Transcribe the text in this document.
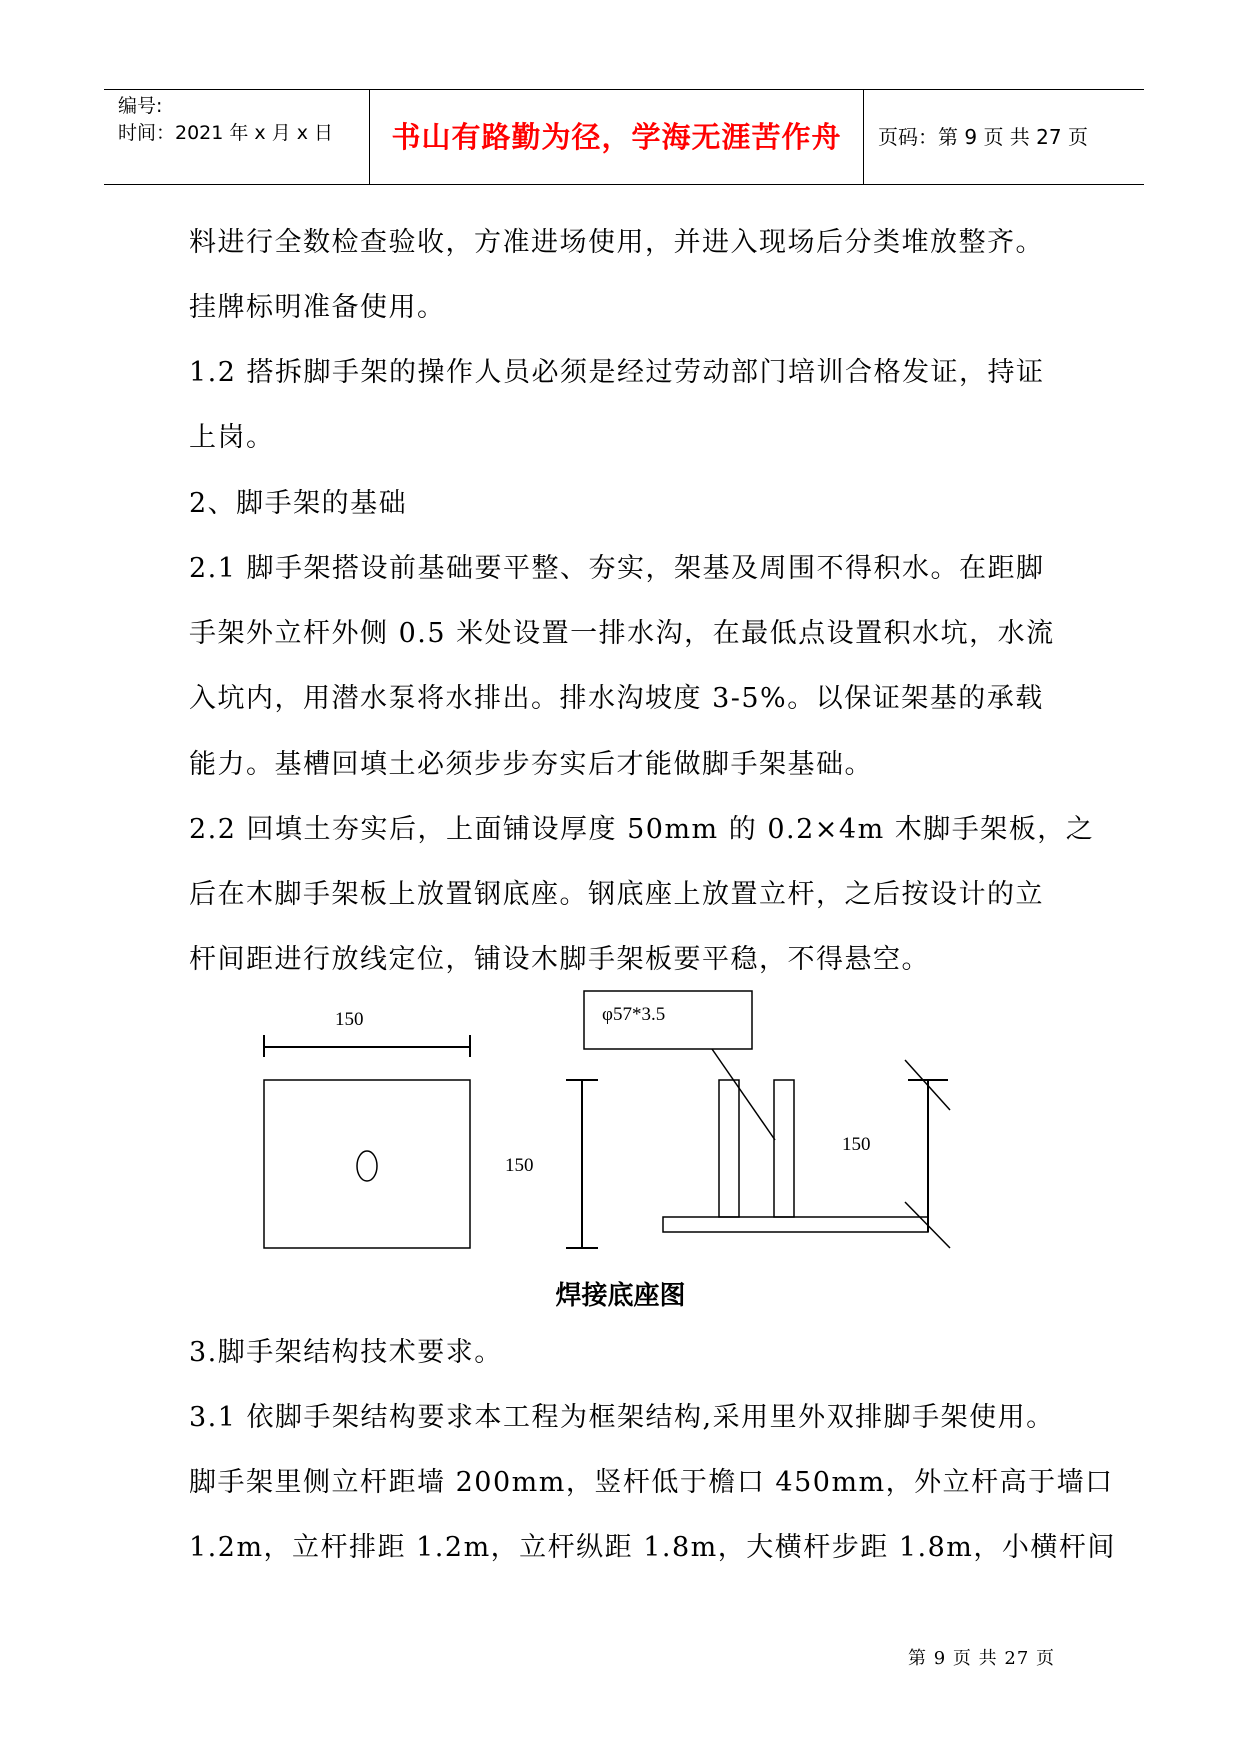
编号:
时间：2021 年 x 月 x 日	书山有路勤为径，学海无涯苦作舟	页码：第 9 页 共 27 页
料进行全数检查验收，方准进场使用，并进入现场后分类堆放整齐。
挂牌标明准备使用。
1.2 搭拆脚手架的操作人员必须是经过劳动部门培训合格发证，持证
上岗。
2、脚手架的基础
2.1 脚手架搭设前基础要平整、夯实，架基及周围不得积水。在距脚
手架外立杆外侧 0.5 米处设置一排水沟，在最低点设置积水坑，水流
入坑内，用潜水泵将水排出。排水沟坡度 3-5%。以保证架基的承载
能力。基槽回填土必须步步夯实后才能做脚手架基础。
2.2 回填土夯实后，上面铺设厚度 50mm 的 0.2×4m 木脚手架板，之
后在木脚手架板上放置钢底座。钢底座上放置立杆，之后按设计的立
杆间距进行放线定位，铺设木脚手架板要平稳，不得悬空。
150
150
φ57*3.5
150
焊接底座图
3.脚手架结构技术要求。
3.1 依脚手架结构要求本工程为框架结构,采用里外双排脚手架使用。
脚手架里侧立杆距墙 200mm，竖杆低于檐口 450mm，外立杆高于墙口
1.2m，立杆排距 1.2m，立杆纵距 1.8m，大横杆步距 1.8m，小横杆间
第 9 页 共 27 页
